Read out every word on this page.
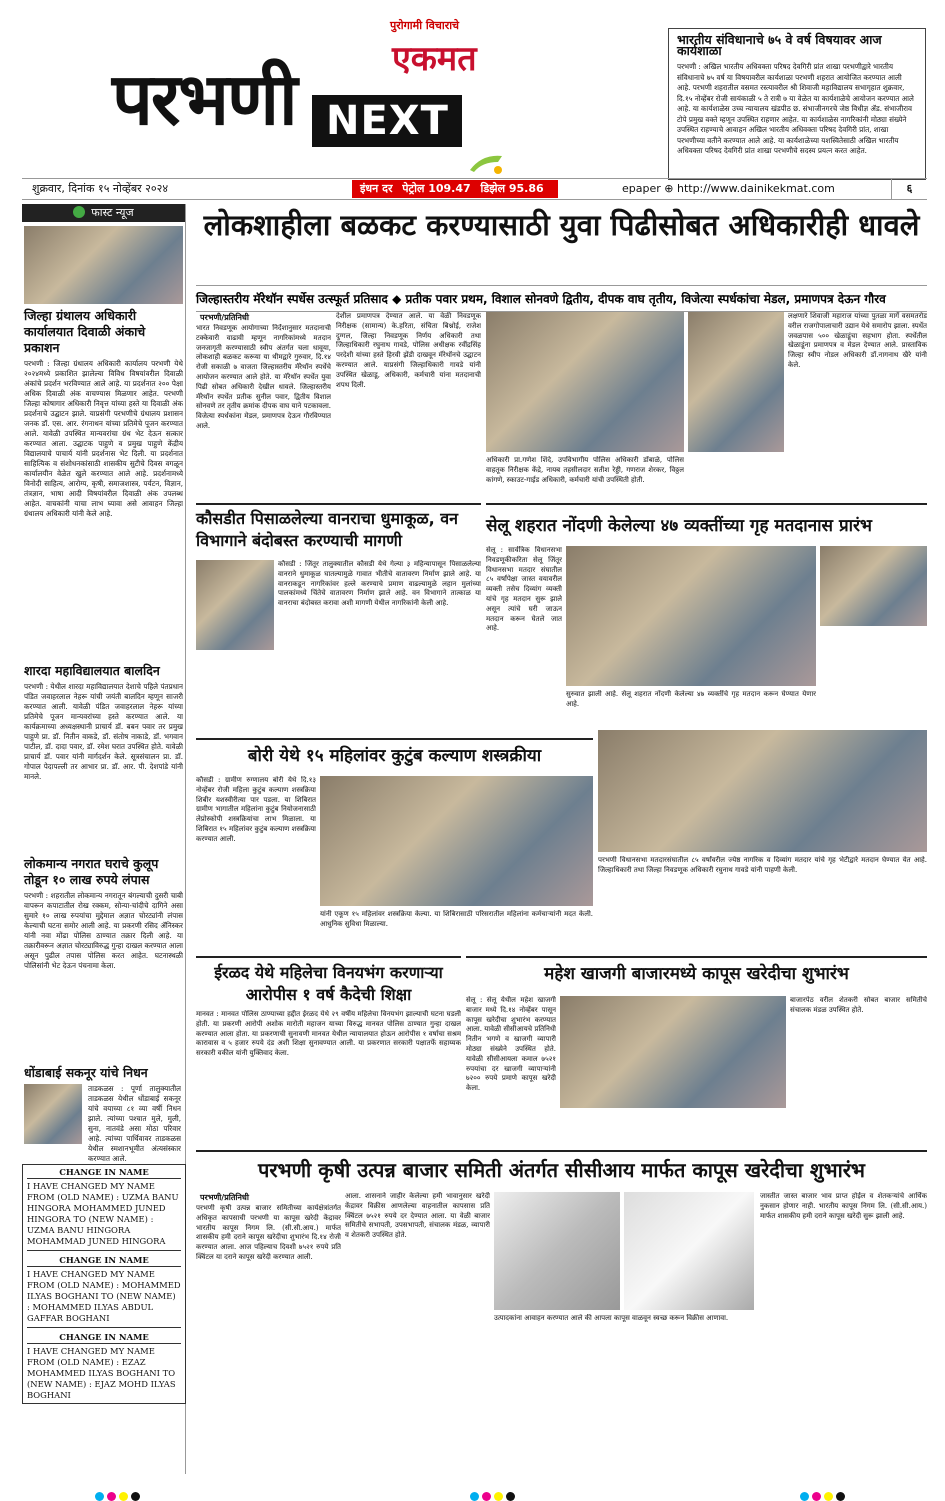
पुरोगामी विचाराचे
एकमत
परभणी NEXT
भारतीय संविधानाचे ७५ वे वर्ष विषयावर आज कार्यशाळा

परभणी : अखिल भारतीय अधिवक्ता परिषद देवगिरी प्रांत शाखा परभणीद्वारे भारतीय संविधानाचे ७५ वर्ष या विषयावरील कार्यशाळा परभणी शहरात आयोजित करण्यात आली आहे. परभणी शहरातील वसमत रस्त्यावरील श्री शिवाजी महाविद्यालय सभागृहात शुक्रवार, दि.१५ नोव्हेंबर रोजी सायंकाळी ५ ते रात्री ७ या वेळेत या कार्यशाळेचे आयोजन करण्यात आले आहे. या कार्यशाळेस उच्च न्यायालय खंडपीठ छ. संभाजीनगरचे जेष्ठ विधीज्ञ ॲड. संभाजीराव टोपे प्रमुख वक्ते म्हणून उपस्थित राहणार आहेत. या कार्यशाळेस नागरिकांनी मोठ्या संख्येने उपस्थित राहण्याचे आवाहन अखिल भारतीय अधिवक्ता परिषद देवगिरी प्रांत, शाखा परभणीच्या वतीने करण्यात आले आहे. या कार्यशाळेच्या यशस्वितेसाठी अखिल भारतीय अधिवक्ता परिषद देवगिरी प्रांत शाखा परभणीचे सदस्य प्रयत्न करत आहेत.

शुक्रवार, दिनांक १५ नोव्हेंबर २०२४	इंधन दर पेट्रोल 109.47 डिझेल 95.86	epaper ⊕ http://www.dainikekmat.com	६
फास्ट न्यूज
जिल्हा ग्रंथालय अधिकारी कार्यालयात दिवाळी अंकाचे प्रकाशन
परभणी : जिल्हा ग्रंथालय अधिकारी कार्यालय परभणी येथे २०२४मध्ये प्रकाशित झालेल्या विविध विषयांवरील दिवाळी अंकांचे प्रदर्शन भरविण्यात आले आहे. या प्रदर्शनात २०० पेक्षा अधिक दिवाळी अंक वाचण्यास मिळणार आहेत. परभणी जिल्हा कोषागार अधिकारी निवृत्त यांच्या हस्ते या दिवाळी अंक प्रदर्शनाचे उद्घाटन झाले. याप्रसंगी परभणीचे ग्रंथालय प्रशासन जनक डॉ. एस. आर. रंगनाथन यांच्या प्रतिमेचे पूजन करण्यात आले. यावेळी उपस्थित मान्यवरांचा ग्रंथ भेट देऊन सत्कार करण्यात आला. उद्घाटक पाहुणे व प्रमुख पाहुणे केंद्रीय विद्यालयाचे पाचार्य यांनी प्रदर्शनास भेट दिली. या प्रदर्शनात साहित्यिक व संशोधनकांसाठी शासकीय सुटीचे दिवस वगळून कार्यालयीन वेळेत खुले करण्यात आले आहे. प्रदर्शनामध्ये विनोदी साहित्य, आरोग्य, कृषी, समाजशास्त्र, पर्यटन, विज्ञान, तंत्रज्ञान, भाषा आदी विषयांवरील दिवाळी अंक उपलब्ध आहेत. वाचकांनी याचा लाभ घ्यावा असे आवाहन जिल्हा ग्रंथालय अधिकारी यांनी केले आहे.
शारदा महाविद्यालयात बालदिन
परभणी : येथील शारदा महाविद्यालयात देशाचे पहिले पंतप्रधान पंडित जवाहरलाल नेहरू यांची जयंती बालदिन म्हणून साजरी करण्यात आली. यावेळी पंडित जवाहरलाल नेहरू यांच्या प्रतिमेचे पूजन मान्यवरांच्या हस्ते करण्यात आले. या कार्यक्रमाच्या अध्यक्षस्थानी प्राचार्य डॉ. बबन पवार तर प्रमुख पाहुणे प्रा. डॉ. नितीन वाकडे, डॉ. संतोष नाकाडे, डॉ. भगवान पाटील, डॉ. दादा पवार, डॉ. रमेश घरात उपस्थित होते. यावेळी प्राचार्य डॉ. पवार यांनी मार्गदर्शन केले. सूत्रसंचालन प्रा. डॉ. गोपाल पेदापल्ली तर आभार प्रा. डॉ. आर. पी. देशपांडे यांनी मानले.
लोकमान्य नगरात घराचे कुलूप तोडून १० लाख रुपये लंपास
परभणी : शहरातील लोकमान्य नगरातून बंगल्याची दुसरी चाबी वापरून कपाटातील रोख रक्कम, सोन्या-चांदीचे दागिने असा सुमारे १० लाख रुपयांचा मुद्देमाल अज्ञात चोरट्यांनी लंपास केल्याची घटना समोर आली आहे. या प्रकरणी रसिद ॲनिस्कर यांनी नवा मोंढा पोलिस ठाण्यात तक्रार दिली आहे. या तक्रारीवरून अज्ञात चोरट्याविरुद्ध गुन्हा दाखल करण्यात आला असून पुढील तपास पोलिस करत आहेत. घटनास्थळी पोलिसांनी भेट देऊन पंचनामा केला.
धोंडाबाई सकनूर यांचे निधन
ताडकळस : पूर्णा तालुक्यातील ताडकळस येथील धोंडाबाई सकनूर यांचे वयाच्या ८१ व्या वर्षी निधन झाले. त्यांच्या पश्चात मुले, मुली, सुना, नातवंडे असा मोठा परिवार आहे. त्यांच्या पार्थिवावर ताडकळस येथील स्मशानभूमीत अंत्यसंस्कार करण्यात आले.
CHANGE IN NAME
I HAVE CHANGED MY NAME FROM (OLD NAME) : UZMA BANU HINGORA MOHAMMED JUNED HINGORA TO (NEW NAME) : UZMA BANU HINGORA MOHAMMAD JUNED HINGORA
CHANGE IN NAME
I HAVE CHANGED MY NAME FROM (OLD NAME) : MOHAMMED ILYAS BOGHANI TO (NEW NAME) : MOHAMMED ILYAS ABDUL GAFFAR BOGHANI
CHANGE IN NAME
I HAVE CHANGED MY NAME FROM (OLD NAME) : EZAZ MOHAMMED ILYAS BOGHANI TO (NEW NAME) : EJAZ MOHD ILYAS BOGHANI
लोकशाहीला बळकट करण्यासाठी युवा पिढीसोबत अधिकारीही धावले
जिल्हास्तरीय मॅरेथॉन स्पर्धेस उत्स्फूर्त प्रतिसाद ◆ प्रतीक पवार प्रथम, विशाल सोनवणे द्वितीय, दीपक वाघ तृतीय, विजेत्या स्पर्धकांचा मेडल, प्रमाणपत्र देऊन गौरव
परभणी/प्रतिनिधी
भारत निवडणूक आयोगाच्या निर्देशानुसार मतदानाची टक्केवारी वाढावी म्हणून नागरिकांमध्ये मतदान जनजागृती करण्यासाठी स्वीप अंतर्गत चला धावूया, लोकशाही बळकट करूया या थीमद्वारे गुरुवार, दि.१४ रोजी सकाळी ७ वाजता जिल्हास्तरीय मॅरेथॉन स्पर्धेचे आयोजन करण्यात आले होते. या मॅरेथॉन स्पर्धेत युवा पिढी सोबत अधिकारी देखील धावले. जिल्हास्तरीय मॅरेथॉन स्पर्धेत प्रतीक सुनील पवार, द्वितीय विशाल सोनवणे तर तृतीय क्रमांक दीपक वाघ याने पटकावला. विजेत्या स्पर्धकांना मेडल, प्रमाणपत्र देऊन गौरविण्यात आले.
देशील प्रमाणपत्र देण्यात आले. या वेळी निवडणूक निरीक्षक (सामान्य) के.हरिता, संचिता बिश्नोई, राजेश दुग्गल, जिल्हा निवडणूक निर्णय अधिकारी तथा जिल्हाधिकारी रघुनाथ गावडे, पोलिस अधीक्षक रवींद्रसिंह परदेशी यांच्या हस्ते हिरवी झेंडी दाखवून मॅरेथॉनचे उद्घाटन करण्यात आले. याप्रसंगी जिल्हाधिकारी गावडे यांनी उपस्थित खेळाडू, अधिकारी, कर्मचारी यांना मतदानाची शपथ दिली.
अधिकारी प्रा.गणेश शिंदे, उपविभागीय पोलिस अधिकारी डोंबाळे, पोलिस वाहतूक निरीक्षक केंद्रे, नायब तहसीलदार सतीश रेड्डी, गणराज शेरकर, विठ्ठल कांगणे, स्काउट-गाईड अधिकारी, कर्मचारी यांची उपस्थिती होती.
लक्षणारे शिवाजी महाराज यांच्या पुतळा मार्गे वसमतरोड वरील राजगोपालाचारी उद्यान येथे समारोप झाला. स्पर्धेत जवळपास ५०० खेळाडूंचा सहभाग होता. स्पर्धेतील खेळाडूंना प्रमाणपत्र व मेडल देण्यात आले. प्रास्ताविक जिल्हा स्वीप नोडल अधिकारी डॉ.नागनाथ खैरे यांनी केले.
कौसडीत पिसाळलेल्या वानराचा धुमाकूळ, वन विभागाने बंदोबस्त करण्याची मागणी
कौसडी : जिंतूर तालुक्यातील कौसडी येथे गेल्या ३ महिन्यापासून पिसाळलेल्या वानराने धुमाकूळ घातल्यामुळे गावात भीतीचे वातावरण निर्माण झाले आहे. या वानराकडून नागरिकांवर हल्ले करण्याचे प्रमाण वाढल्यामुळे लहान मुलांच्या पालकांमध्ये चिंतेचे वातावरण निर्माण झाले आहे. वन विभागाने तात्काळ या वानराचा बंदोबस्त करावा अशी मागणी येथील नागरिकांनी केली आहे.
सेलू शहरात नोंदणी केलेल्या ४७ व्यक्तींच्या गृह मतदानास प्रारंभ
सेलू : सार्वत्रिक विधानसभा निवडणूकीकरिता सेलू जिंतूर विधानसभा मतदार संघातील ८५ वर्षांपेक्षा जास्त वयावरील व्यक्ती तसेच दिव्यांग व्यक्ती यांचे गृह मतदान सुरू झाले असून त्यांचे घरी जाऊन मतदान करून घेतले जात आहे.
सुरुवात झाली आहे. सेलू शहरात नोंदणी केलेल्या ४७ व्यक्तींचे गृह मतदान करून घेण्यात येणार आहे.
बोरी येथे १५ महिलांवर कुटुंब कल्याण शस्त्रक्रीया
कौसडी : ग्रामीण रुग्णालय बोरी येथे दि.१३ नोव्हेंबर रोजी महिला कुटुंब कल्याण शस्त्रक्रिया शिबीर यशस्वीरीत्या पार पडला. या शिबिरात ग्रामीण भागातील महिलांना कुटुंब नियोजनासाठी लेप्रोस्कोपी शस्त्रक्रियांचा लाभ मिळाला. या शिबिरात १५ महिलांवर कुटुंब कल्याण शस्त्रक्रिया करण्यात आली.
यांनी एकूण १५ महिलांवर शस्त्रक्रिया केल्या. या शिबिरासाठी परिसरातील महिलांना कर्मचाऱ्यांनी मदत केली. आधुनिक सुविधा मिळाल्या.
परभणी विधानसभा मतदारसंघातील ८५ वर्षांवरील ज्येष्ठ नागरिक व दिव्यांग मतदार यांचे गृह भेटीद्वारे मतदान घेण्यात येत आहे. जिल्हाधिकारी तथा जिल्हा निवडणूक अधिकारी रघुनाथ गावडे यांनी पाहणी केली.
ईरळद येथे महिलेचा विनयभंग करणाऱ्या आरोपीस १ वर्ष कैदेची शिक्षा
मानवत : मानवत पोलिस ठाण्याच्या हद्दीत ईरळद येथे २९ वर्षीय महिलेचा विनयभंग झाल्याची घटना घडली होती. या प्रकरणी आरोपी अशोक मारोती महाजन याच्या विरुद्ध मानवत पोलिस ठाण्यात गुन्हा दाखल करण्यात आला होता. या प्रकरणाची सुनावणी मानवत येथील न्यायालयात होऊन आरोपीस १ वर्षाचा सश्रम कारावास व ५ हजार रुपये दंड अशी शिक्षा सुनावण्यात आली. या प्रकरणात सरकारी पक्षातर्फे सहाय्यक सरकारी वकील यांनी युक्तिवाद केला.
महेश खाजगी बाजारमध्ये कापूस खरेदीचा शुभारंभ
सेलू : सेलू येथील महेश खाजगी बाजार मध्ये दि.१४ नोव्हेंबर पासून कापूस खरेदीचा शुभारंभ करण्यात आला. यावेळी सीसीआयचे प्रतिनिधी नितीन भगणे व खाजगी व्यापारी मोठ्या संख्येने उपस्थित होते. यावेळी सीसीआयला कमाल ७५२१ रुपयांचा दर खाजगी व्यापाऱ्यांनी ७२०० रुपये प्रमाणे कापूस खरेदी केला.
बाजारपेठ वरील शेतकरी सोबत बाजार समितीचे संचालक मंडळ उपस्थित होते.
परभणी कृषी उत्पन्न बाजार समिती अंतर्गत सीसीआय मार्फत कापूस खरेदीचा शुभारंभ
परभणी/प्रतिनिधी
परभणी कृषी उत्पन्न बाजार समितीच्या कार्यक्षेत्रांतर्गत अधिकृत कापसाची परभणी या कापूस खरेदी केंद्रावर भारतीय कापूस निगम लि. (सी.सी.आय.) मार्फत शासकीय हमी दराने कापूस खरेदीचा शुभारंभ दि.१४ रोजी करण्यात आला. आज पहिल्याच दिवशी ७५२१ रुपये प्रति क्विंटल या दराने कापूस खरेदी करण्यात आली.
आला. शासनाने जाहीर केलेल्या हमी भावानुसार खरेदी केंद्रावर विक्रीस आणलेल्या वाहनातील कापसास प्रति क्विंटल ७५२१ रुपये दर देण्यात आला. या वेळी बाजार समितीचे सभापती, उपसभापती, संचालक मंडळ, व्यापारी व शेतकरी उपस्थित होते.
उत्पादकांना आवाहन करण्यात आले की आपला कापूस वाळवून स्वच्छ करून विक्रीस आणावा.
जास्तीत जास्त बाजार भाव प्राप्त होईल व शेतकऱ्यांचे आर्थिक नुकसान होणार नाही. भारतीय कापूस निगम लि. (सी.सी.आय.) मार्फत शासकीय हमी दराने कापूस खरेदी सुरू झाली आहे.
